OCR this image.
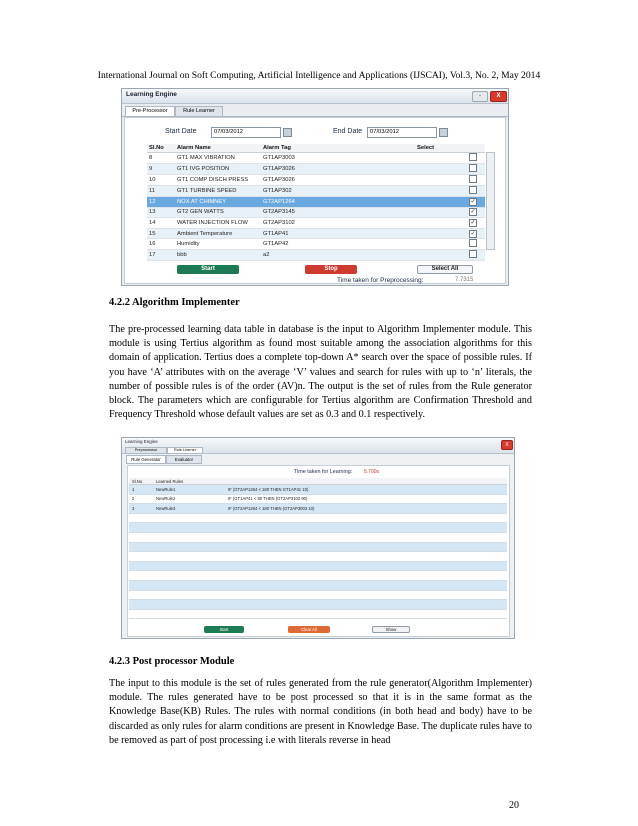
International Journal on Soft Computing, Artificial Intelligence and Applications (IJSCAI), Vol.3, No. 2, May 2014
Learning Engine	-	X
Pre-Processor	Rule Learner
Start Date	07/03/2012	End Date	07/03/2012
Sl.No	Alarm Name	Alarm Tag	Select
8	GT1 MAX VIBRATION	GT1AP3003	
9	GT1 IVG POSITION	GT1AP3026	
10	GT1 COMP DISCH PRESS	GT1AP3026	
11	GT1 TURBINE SPEED	GT1AP302	
12	NOX AT CHIMNEY	GT2AP1264	✓
13	GT2 GEN WATTS	GT2AP3145	✓
14	WATER INJECTION FLOW	GT2AP3102	✓
15	Ambient Temperature	GT1AP41	✓
16	Humidity	GT1AP42	
17	bbb	a2	
Start	Stop	Select All
Time taken for Preprocessing:	7.7315
4.2.2 Algorithm Implementer

The pre-processed learning data table in database is the input to Algorithm Implementer module. This module is using Tertius algorithm as found most suitable among the association algorithms for this domain of application. Tertius does a complete top-down A* search over the space of possible rules. If you have ‘A’ attributes with on the average ‘V’ values and search for rules with up to ‘n’ literals, the number of possible rules is of the order (AV)n. The output is the set of rules from the Rule generator block. The parameters which are configurable for Tertius algorithm are Confirmation Threshold and Frequency Threshold whose default values are set as 0.3 and 0.1 respectively.

Learning Engine
X
Preprocessor	Rule Learner
Rule Generator	Evaluator
Time taken for Learning: 5.700s
Sl.No	Learned Rules	
1	NewRule1	IF (GT2AP1264 < 180 THEN GT1AP41 10)
2	NewRule2	IF (GT1AP41 < 80 THEN (GT2AP3102 90)
3	NewRule3	IF (GT2AP1264 < 180 THEN (GT2AP3003 10)

Start	Clear All	Show
4.2.3 Post processor Module

The input to this module is the set of rules generated from the rule generator(Algorithm Implementer) module. The rules generated have to be post processed so that it is in the same format as the Knowledge Base(KB) Rules. The rules with normal conditions (in both head and body) have to be discarded as only rules for alarm conditions are present in Knowledge Base. The duplicate rules have to be removed as part of post processing i.e with literals reverse in head

20
